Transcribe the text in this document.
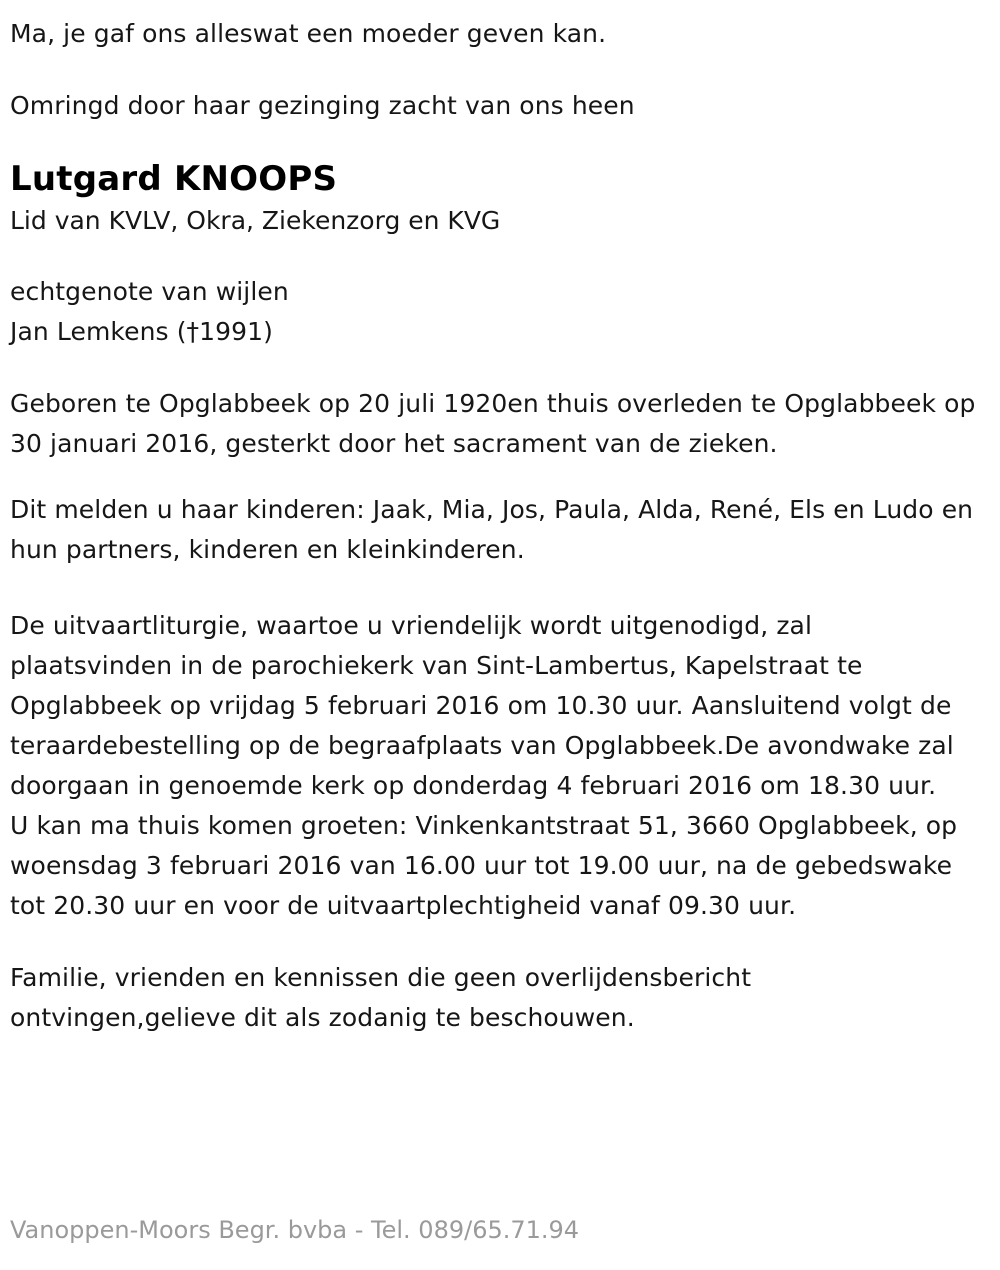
Ma, je gaf ons alleswat een moeder geven kan.
Omringd door haar gezinging zacht van ons heen
Lutgard KNOOPS
Lid van KVLV, Okra, Ziekenzorg en KVG
echtgenote van wijlen
Jan Lemkens (†1991)
Geboren te Opglabbeek op 20 juli 1920en thuis overleden te Opglabbeek op 30 januari 2016, gesterkt door het sacrament van de zieken.
Dit melden u haar kinderen: Jaak, Mia, Jos, Paula, Alda, René, Els en Ludo en hun partners, kinderen en kleinkinderen.
De uitvaartliturgie, waartoe u vriendelijk wordt uitgenodigd, zal plaatsvinden in de parochiekerk van Sint-Lambertus, Kapelstraat te Opglabbeek op vrijdag 5 februari 2016 om 10.30 uur. Aansluitend volgt de teraardebestelling op de begraafplaats van Opglabbeek.De avondwake zal doorgaan in genoemde kerk op donderdag 4 februari 2016 om 18.30 uur.
U kan ma thuis komen groeten: Vinkenkantstraat 51, 3660 Opglabbeek, op woensdag 3 februari 2016 van 16.00 uur tot 19.00 uur, na de gebedswake tot 20.30 uur en voor de uitvaartplechtigheid vanaf 09.30 uur.
Familie, vrienden en kennissen die geen overlijdensbericht ontvingen,gelieve dit als zodanig te beschouwen.
Vanoppen-Moors Begr. bvba - Tel. 089/65.71.94
